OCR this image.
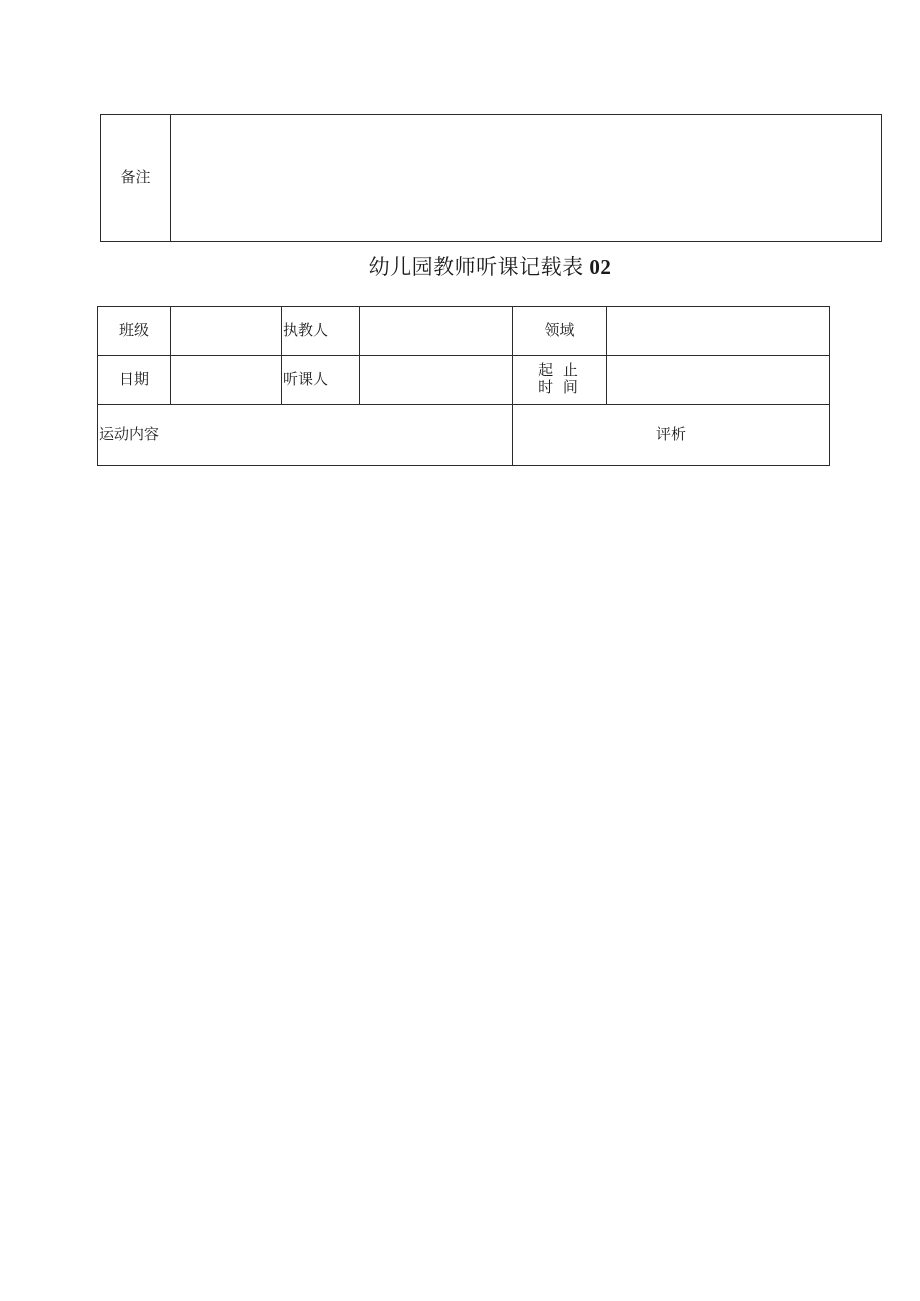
备注	
幼儿园教师听课记载表 02
班级		执教人		领域	
日期		听课人		起 止
时 间	

运动内容				评析	
